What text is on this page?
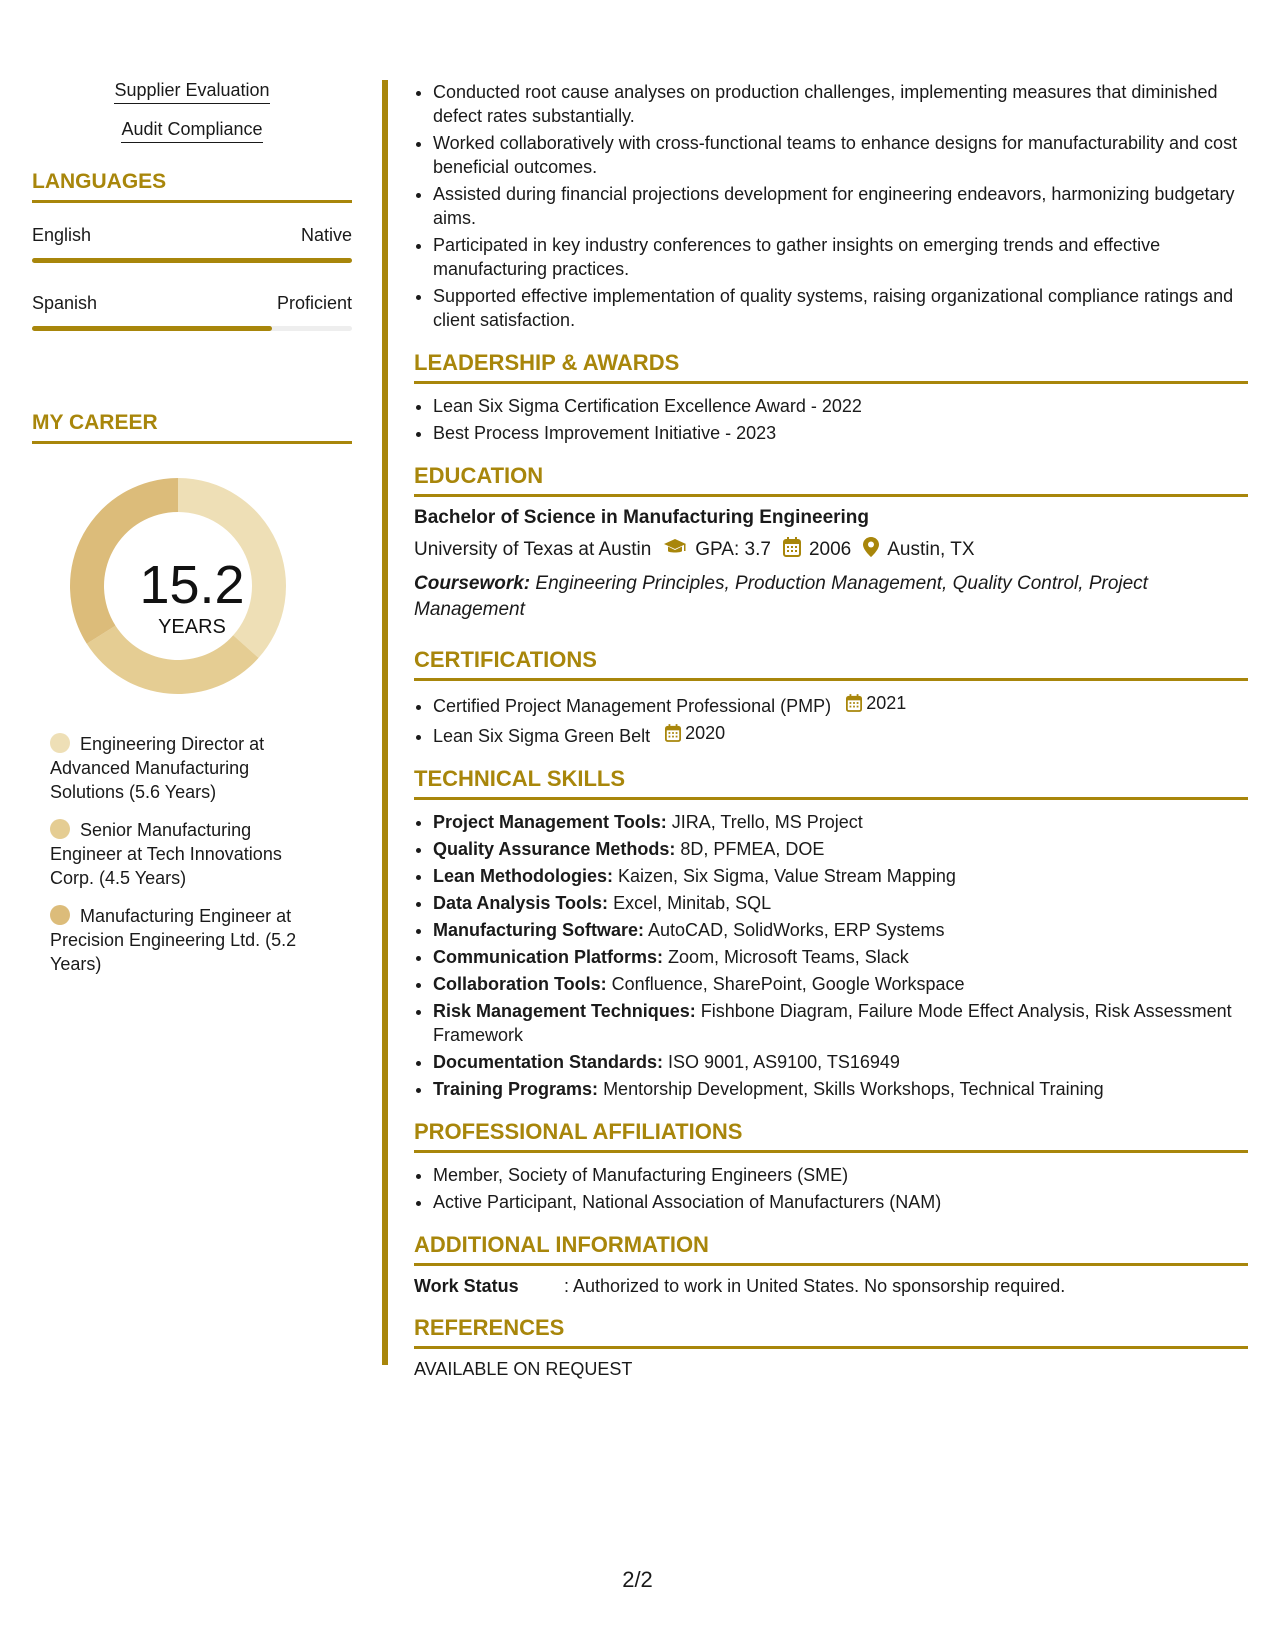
Supplier Evaluation
Audit Compliance
LANGUAGES
English	Native
Spanish	Proficient
MY CAREER
15.2
YEARS
Engineering Director at Advanced Manufacturing Solutions (5.6 Years)
Senior Manufacturing Engineer at Tech Innovations Corp. (4.5 Years)
Manufacturing Engineer at Precision Engineering Ltd. (5.2 Years)
• Conducted root cause analyses on production challenges, implementing measures that diminished defect rates substantially.
• Worked collaboratively with cross-functional teams to enhance designs for manufacturability and cost beneficial outcomes.
• Assisted during financial projections development for engineering endeavors, harmonizing budgetary aims.
• Participated in key industry conferences to gather insights on emerging trends and effective manufacturing practices.
• Supported effective implementation of quality systems, raising organizational compliance ratings and client satisfaction.
LEADERSHIP & AWARDS
• Lean Six Sigma Certification Excellence Award - 2022
• Best Process Improvement Initiative - 2023
EDUCATION
Bachelor of Science in Manufacturing Engineering
University of Texas at Austin GPA: 3.7 2006 Austin, TX
Coursework: Engineering Principles, Production Management, Quality Control, Project Management
CERTIFICATIONS
• Certified Project Management Professional (PMP) 2021
• Lean Six Sigma Green Belt 2020
TECHNICAL SKILLS
• Project Management Tools: JIRA, Trello, MS Project
• Quality Assurance Methods: 8D, PFMEA, DOE
• Lean Methodologies: Kaizen, Six Sigma, Value Stream Mapping
• Data Analysis Tools: Excel, Minitab, SQL
• Manufacturing Software: AutoCAD, SolidWorks, ERP Systems
• Communication Platforms: Zoom, Microsoft Teams, Slack
• Collaboration Tools: Confluence, SharePoint, Google Workspace
• Risk Management Techniques: Fishbone Diagram, Failure Mode Effect Analysis, Risk Assessment Framework
• Documentation Standards: ISO 9001, AS9100, TS16949
• Training Programs: Mentorship Development, Skills Workshops, Technical Training
PROFESSIONAL AFFILIATIONS
• Member, Society of Manufacturing Engineers (SME)
• Active Participant, National Association of Manufacturers (NAM)
ADDITIONAL INFORMATION
Work Status	: Authorized to work in United States. No sponsorship required.
REFERENCES
AVAILABLE ON REQUEST
2/2
